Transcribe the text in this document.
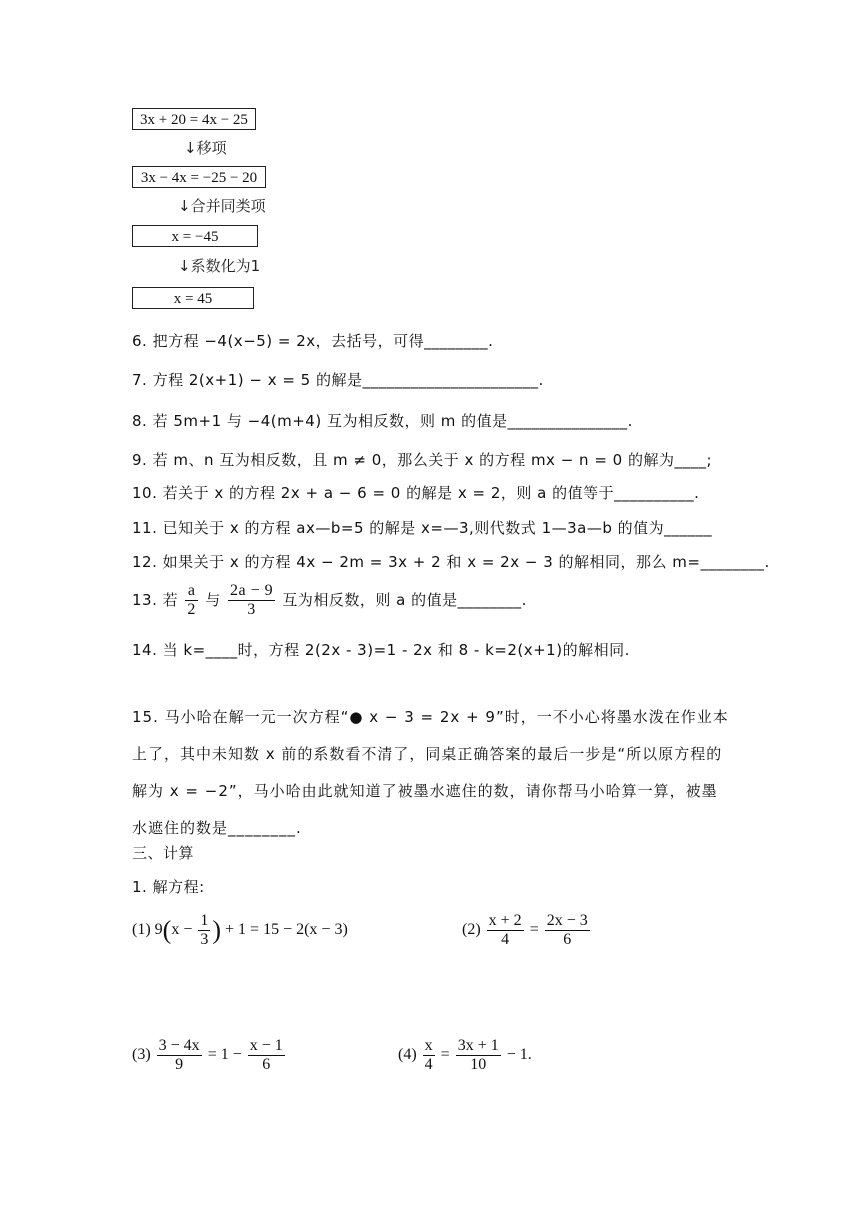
3x + 20 = 4x − 25
↓移项
3x − 4x = −25 − 20
↓合并同类项
x = −45
↓系数化为1
x = 45
6. 把方程 −4(x−5) = 2x，去括号，可得________.
7. 方程 2(x+1) − x = 5 的解是______________________.
8. 若 5m+1 与 −4(m+4) 互为相反数，则 m 的值是_______________.
9. 若 m、n 互为相反数，且 m ≠ 0，那么关于 x 的方程 mx − n = 0 的解为____;
10. 若关于 x 的方程 2x + a − 6 = 0 的解是 x = 2，则 a 的值等于__________.
11. 已知关于 x 的方程 ax—b=5 的解是 x=—3,则代数式 1—3a—b 的值为______
12. 如果关于 x 的方程 4x − 2m = 3x + 2 和 x = 2x − 3 的解相同，那么 m=________.
13. 若 $\frac{a}{2}$ 与 $\frac{2a - 9}{3}$ 互为相反数，则 a 的值是________.
14. 当 k=____时，方程 2(2x - 3)=1 - 2x 和 8 - k=2(x+1)的解相同.
15. 马小哈在解一元一次方程“● x − 3 = 2x + 9”时，一不小心将墨水泼在作业本上了，其中未知数 x 前的系数看不清了，同桌正确答案的最后一步是“所以原方程的解为 x = −2”，马小哈由此就知道了被墨水遮住的数，请你帮马小哈算一算，被墨水遮住的数是________.
三、计算
1. 解方程:
(1) $9(x - \frac{1}{3}$ ) + 1 = 15 − 2(x − 3)	$(2) \frac{x + 2}{4} = \frac{2x - 3}{6}$
$(3) \frac{3 - 4x}{9} = 1 - \frac{x - 1}{6}$	$(4) \frac{x}{4} = \frac{3x + 1}{10} - 1$.
